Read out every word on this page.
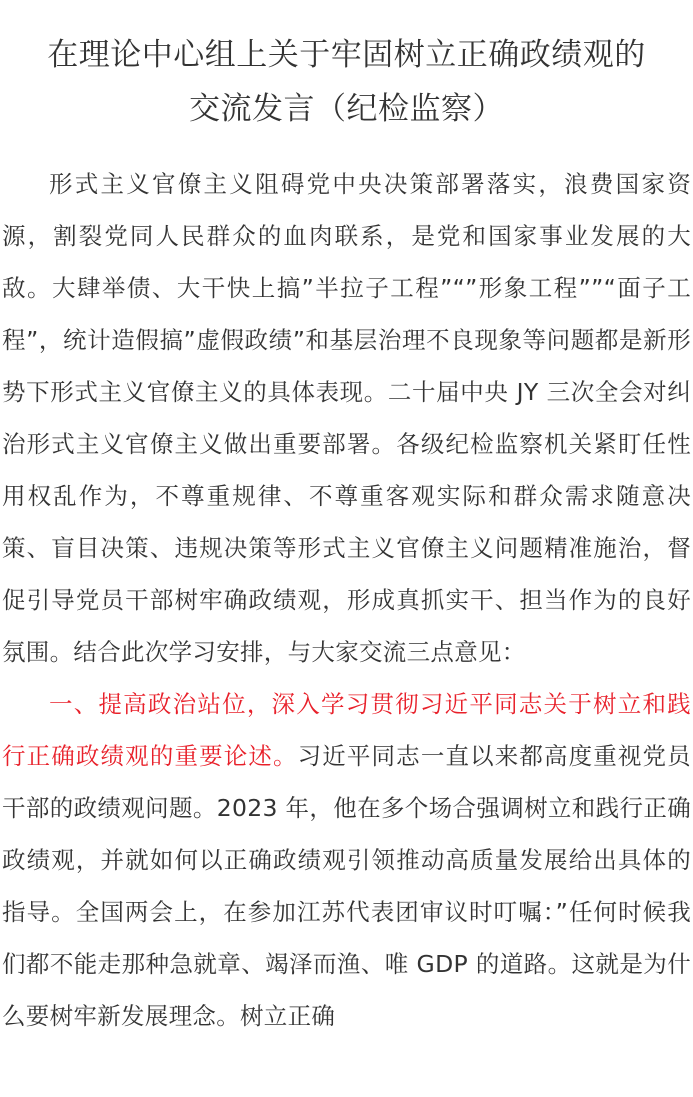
在理论中心组上关于牢固树立正确政绩观的
交流发言（纪检监察）

形式主义官僚主义阻碍党中央决策部署落实，浪费国家资源，割裂党同人民群众的血肉联系，是党和国家事业发展的大敌。大肆举债、大干快上搞”半拉子工程”“”形象工程””“面子工程”，统计造假搞”虚假政绩”和基层治理不良现象等问题都是新形势下形式主义官僚主义的具体表现。二十届中央 JY 三次全会对纠治形式主义官僚主义做出重要部署。各级纪检监察机关紧盯任性用权乱作为，不尊重规律、不尊重客观实际和群众需求随意决策、盲目决策、违规决策等形式主义官僚主义问题精准施治，督促引导党员干部树牢确政绩观，形成真抓实干、担当作为的良好氛围。结合此次学习安排，与大家交流三点意见：

一、提高政治站位，深入学习贯彻习近平同志关于树立和践行正确政绩观的重要论述。习近平同志一直以来都高度重视党员干部的政绩观问题。2023 年，他在多个场合强调树立和践行正确政绩观，并就如何以正确政绩观引领推动高质量发展给出具体的指导。全国两会上，在参加江苏代表团审议时叮嘱：”任何时候我们都不能走那种急就章、竭泽而渔、唯 GDP 的道路。这就是为什么要树牢新发展理念。树立正确
